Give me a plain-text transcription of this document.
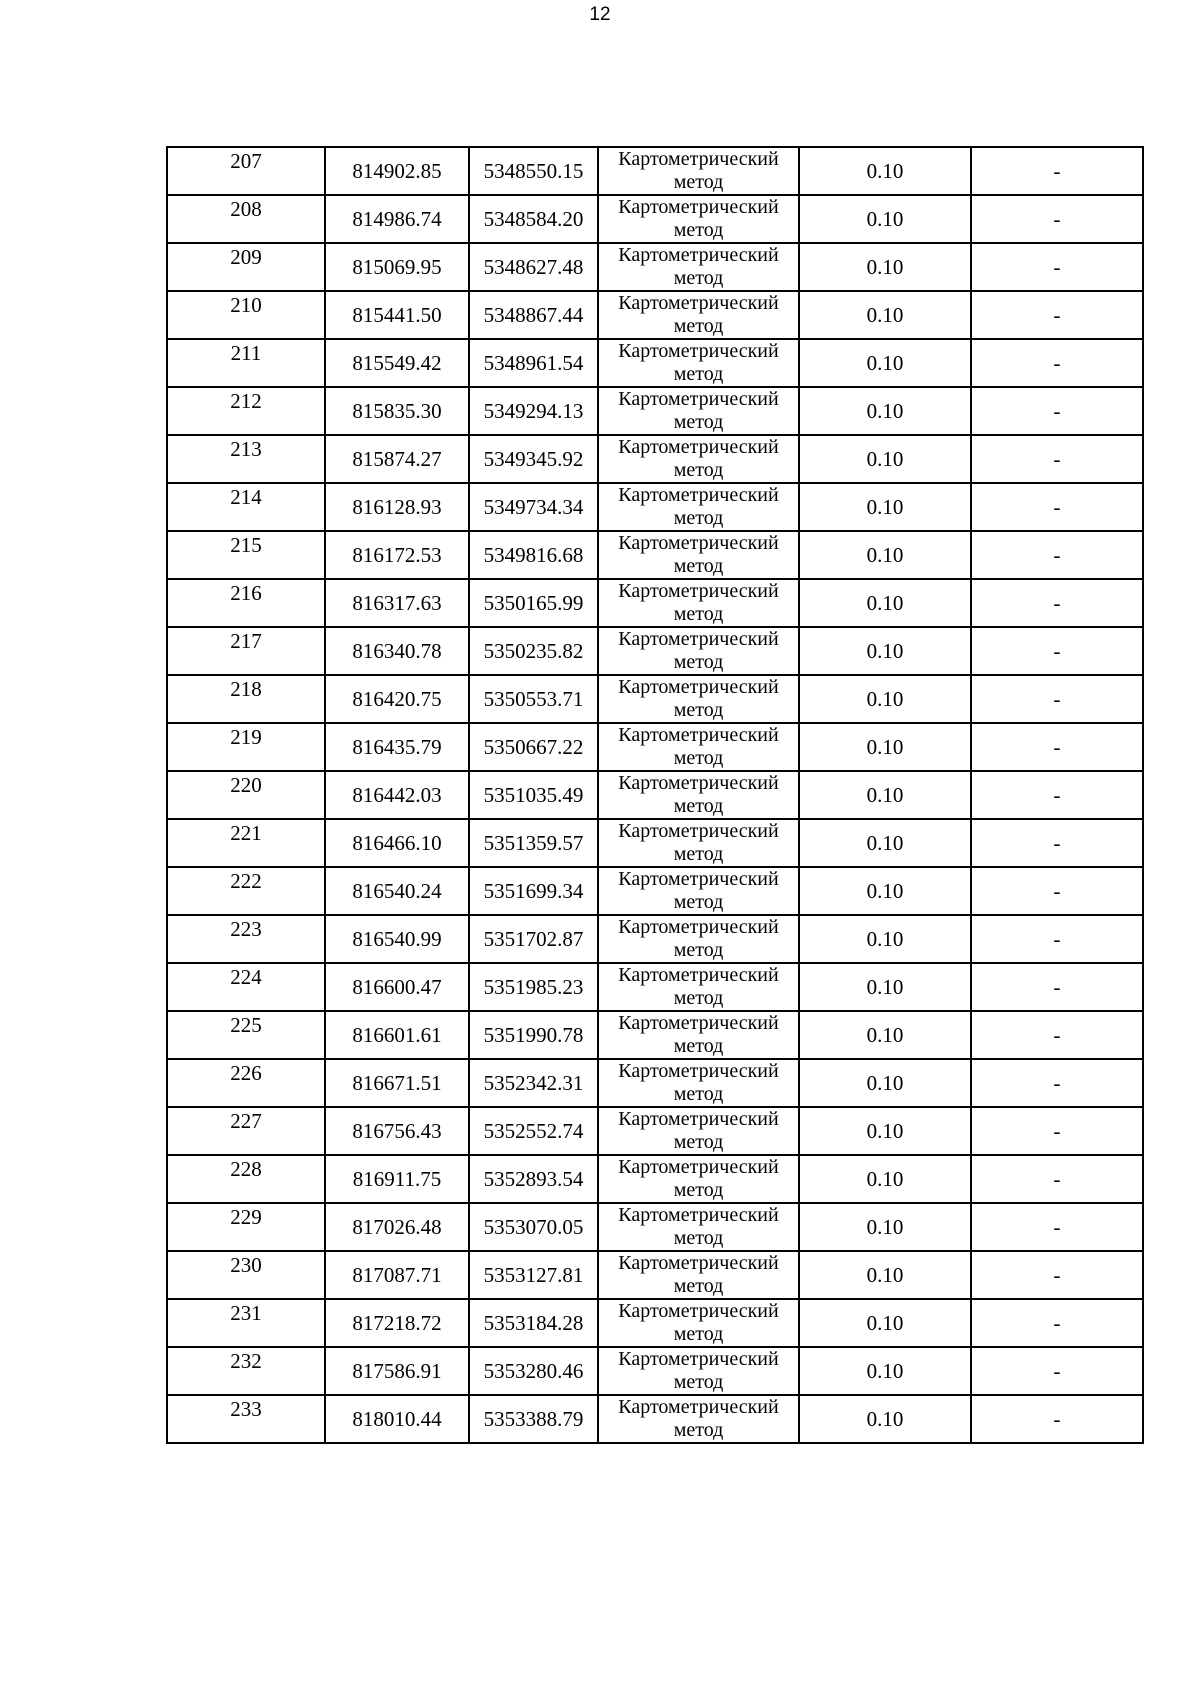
12
207	814902.85	5348550.15	Картометрический метод	0.10	-
208	814986.74	5348584.20	Картометрический метод	0.10	-
209	815069.95	5348627.48	Картометрический метод	0.10	-
210	815441.50	5348867.44	Картометрический метод	0.10	-
211	815549.42	5348961.54	Картометрический метод	0.10	-
212	815835.30	5349294.13	Картометрический метод	0.10	-
213	815874.27	5349345.92	Картометрический метод	0.10	-
214	816128.93	5349734.34	Картометрический метод	0.10	-
215	816172.53	5349816.68	Картометрический метод	0.10	-
216	816317.63	5350165.99	Картометрический метод	0.10	-
217	816340.78	5350235.82	Картометрический метод	0.10	-
218	816420.75	5350553.71	Картометрический метод	0.10	-
219	816435.79	5350667.22	Картометрический метод	0.10	-
220	816442.03	5351035.49	Картометрический метод	0.10	-
221	816466.10	5351359.57	Картометрический метод	0.10	-
222	816540.24	5351699.34	Картометрический метод	0.10	-
223	816540.99	5351702.87	Картометрический метод	0.10	-
224	816600.47	5351985.23	Картометрический метод	0.10	-
225	816601.61	5351990.78	Картометрический метод	0.10	-
226	816671.51	5352342.31	Картометрический метод	0.10	-
227	816756.43	5352552.74	Картометрический метод	0.10	-
228	816911.75	5352893.54	Картометрический метод	0.10	-
229	817026.48	5353070.05	Картометрический метод	0.10	-
230	817087.71	5353127.81	Картометрический метод	0.10	-
231	817218.72	5353184.28	Картометрический метод	0.10	-
232	817586.91	5353280.46	Картометрический метод	0.10	-
233	818010.44	5353388.79	Картометрический метод	0.10	-
